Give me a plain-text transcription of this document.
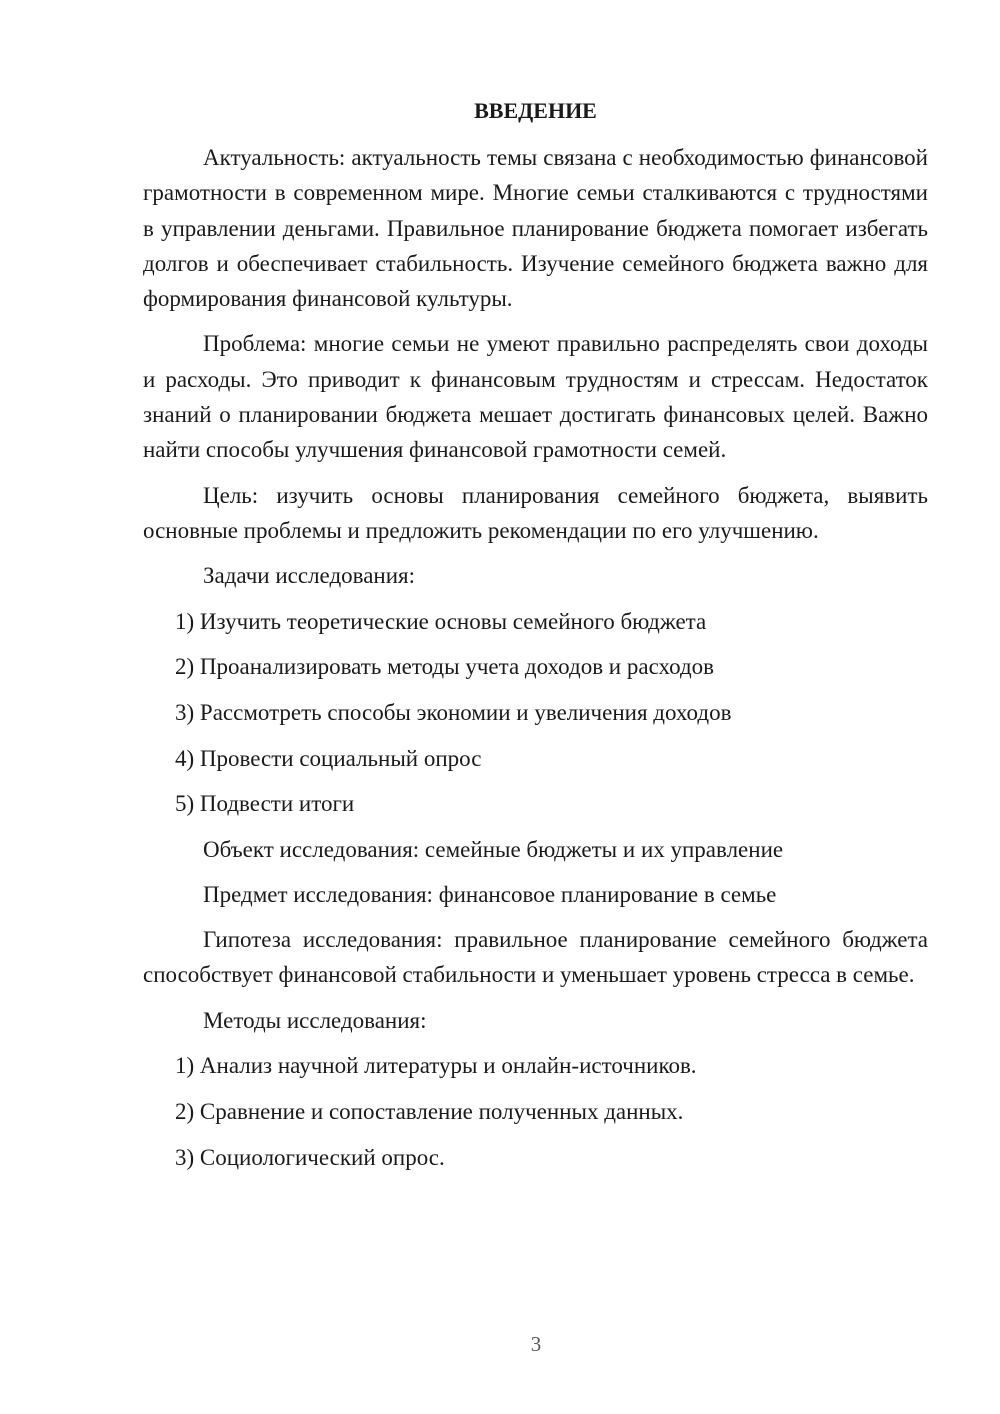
ВВЕДЕНИЕ

Актуальность: актуальность темы связана с необходимостью финансовой грамотности в современном мире. Многие семьи сталкиваются с трудностями в управлении деньгами. Правильное планирование бюджета помогает избегать долгов и обеспечивает стабильность. Изучение семейного бюджета важно для формирования финансовой культуры.

Проблема: многие семьи не умеют правильно распределять свои доходы и расходы. Это приводит к финансовым трудностям и стрессам. Недостаток знаний о планировании бюджета мешает достигать финансовых целей. Важно найти способы улучшения финансовой грамотности семей.

Цель: изучить основы планирования семейного бюджета, выявить основные проблемы и предложить рекомендации по его улучшению.

Задачи исследования:

1) Изучить теоретические основы семейного бюджета

2) Проанализировать методы учета доходов и расходов

3) Рассмотреть способы экономии и увеличения доходов

4) Провести социальный опрос

5) Подвести итоги

Объект исследования: семейные бюджеты и их управление

Предмет исследования: финансовое планирование в семье

Гипотеза исследования: правильное планирование семейного бюджета способствует финансовой стабильности и уменьшает уровень стресса в семье.

Методы исследования:

1) Анализ научной литературы и онлайн-источников.

2) Сравнение и сопоставление полученных данных.

3) Социологический опрос.

3
